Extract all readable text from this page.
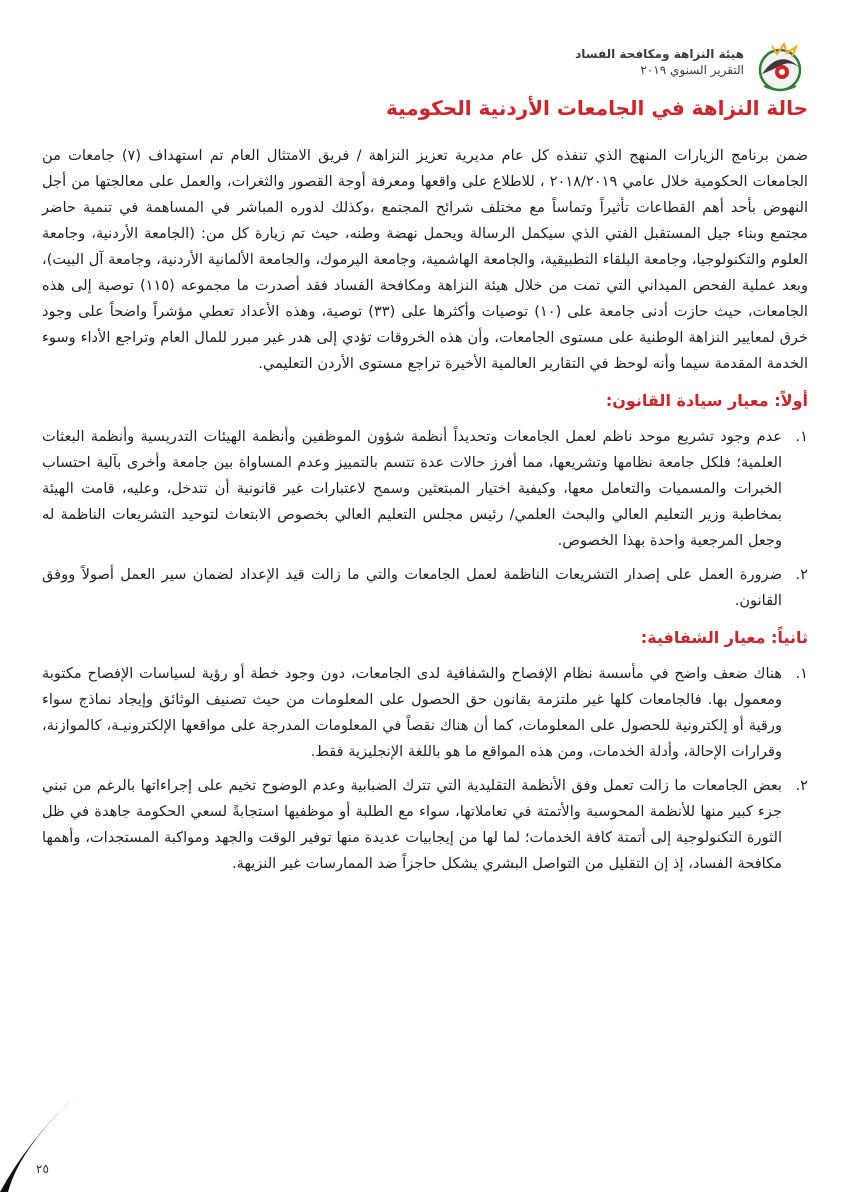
هيئة النزاهة ومكافحة الفساد
التقرير السنوي ٢٠١٩
حالة النزاهة في الجامعات الأردنية الحكومية

ضمن برنامج الزيارات المنهج الذي تنفذه كل عام مديرية تعزيز النزاهة / فريق الامتثال العام تم استهداف (٧) جامعات من الجامعات الحكومية خلال عامي ٢٠١٨/٢٠١٩ ، للاطلاع على واقعها ومعرفة أوجة القصور والثغرات، والعمل على معالجتها من أجل النهوض بأحد أهم القطاعات تأثيراً وتماساً مع مختلف شرائح المجتمع ،وكذلك لدوره المباشر في المساهمة في تنمية حاضر مجتمع وبناء جيل المستقبل الفتي الذي سيكمل الرسالة ويحمل نهضة وطنه، حيث تم زيارة كل من: (الجامعة الأردنية، وجامعة العلوم والتكنولوجيا، وجامعة البلقاء التطبيقية، والجامعة الهاشمية، وجامعة اليرموك، والجامعة الألمانية الأردنية، وجامعة آل البيت)، وبعد عملية الفحص الميداني التي تمت من خلال هيئة النزاهة ومكافحة الفساد فقد أصدرت ما مجموعه (١١٥) توصية إلى هذه الجامعات، حيث حازت أدنى جامعة على (١٠) توصيات وأكثرها على (٣٣) توصية، وهذه الأعداد تعطي مؤشراً واضحاً على وجود خرق لمعايير النزاهة الوطنية على مستوى الجامعات، وأن هذه الخروقات تؤدي إلى هدر غير مبرر للمال العام وتراجع الأداء وسوء الخدمة المقدمة سيما وأنه لوحظ في التقارير العالمية الأخيرة تراجع مستوى الأردن التعليمي.

أولاً: معيار سيادة القانون:
١.
عدم وجود تشريع موحد ناظم لعمل الجامعات وتحديداً أنظمة شؤون الموظفين وأنظمة الهيئات التدريسية وأنظمة البعثات العلمية؛ فلكل جامعة نظامها وتشريعها، مما أفرز حالات عدة تتسم بالتمييز وعدم المساواة بين جامعة وأخرى بآلية احتساب الخبرات والمسميات والتعامل معها، وكيفية اختيار المبتعثين وسمح لاعتبارات غير قانونية أن تتدخل، وعليه، قامت الهيئة بمخاطبة وزير التعليم العالي والبحث العلمي/ رئيس مجلس التعليم العالي بخصوص الابتعاث لتوحيد التشريعات الناظمة له وجعل المرجعية واحدة بهذا الخصوص.
٢.
ضرورة العمل على إصدار التشريعات الناظمة لعمل الجامعات والتي ما زالت قيد الإعداد لضمان سير العمل أصولاً ووفق القانون.
ثانياً: معيار الشفافية:
١.
هناك ضعف واضح في مأسسة نظام الإفصاح والشفافية لدى الجامعات، دون وجود خطة أو رؤية لسياسات الإفصاح مكتوبة ومعمول بها. فالجامعات كلها غير ملتزمة بقانون حق الحصول على المعلومات من حيث تصنيف الوثائق وإيجاد نماذج سواء ورقية أو إلكترونية للحصول على المعلومات، كما أن هناك نقصاً في المعلومات المدرجة على مواقعها الإلكترونيـة، كالموازنة، وقرارات الإحالة، وأدلة الخدمات، ومن هذه المواقع ما هو باللغة الإنجليزية فقط.
٢.
بعض الجامعات ما زالت تعمل وفق الأنظمة التقليدية التي تترك الضبابية وعدم الوضوح تخيم على إجراءاتها بالرغم من تبني جزء كبير منها للأنظمة المحوسبة والأتمتة في تعاملاتها، سواء مع الطلبة أو موظفيها استجابةً لسعي الحكومة جاهدة في ظل الثورة التكنولوجية إلى أتمتة كافة الخدمات؛ لما لها من إيجابيات عديدة منها توفير الوقت والجهد ومواكبة المستجدات، وأهمها مكافحة الفساد، إذ إن التقليل من التواصل البشري يشكل حاجزاً ضد الممارسات غير النزيهة.
٢٥
